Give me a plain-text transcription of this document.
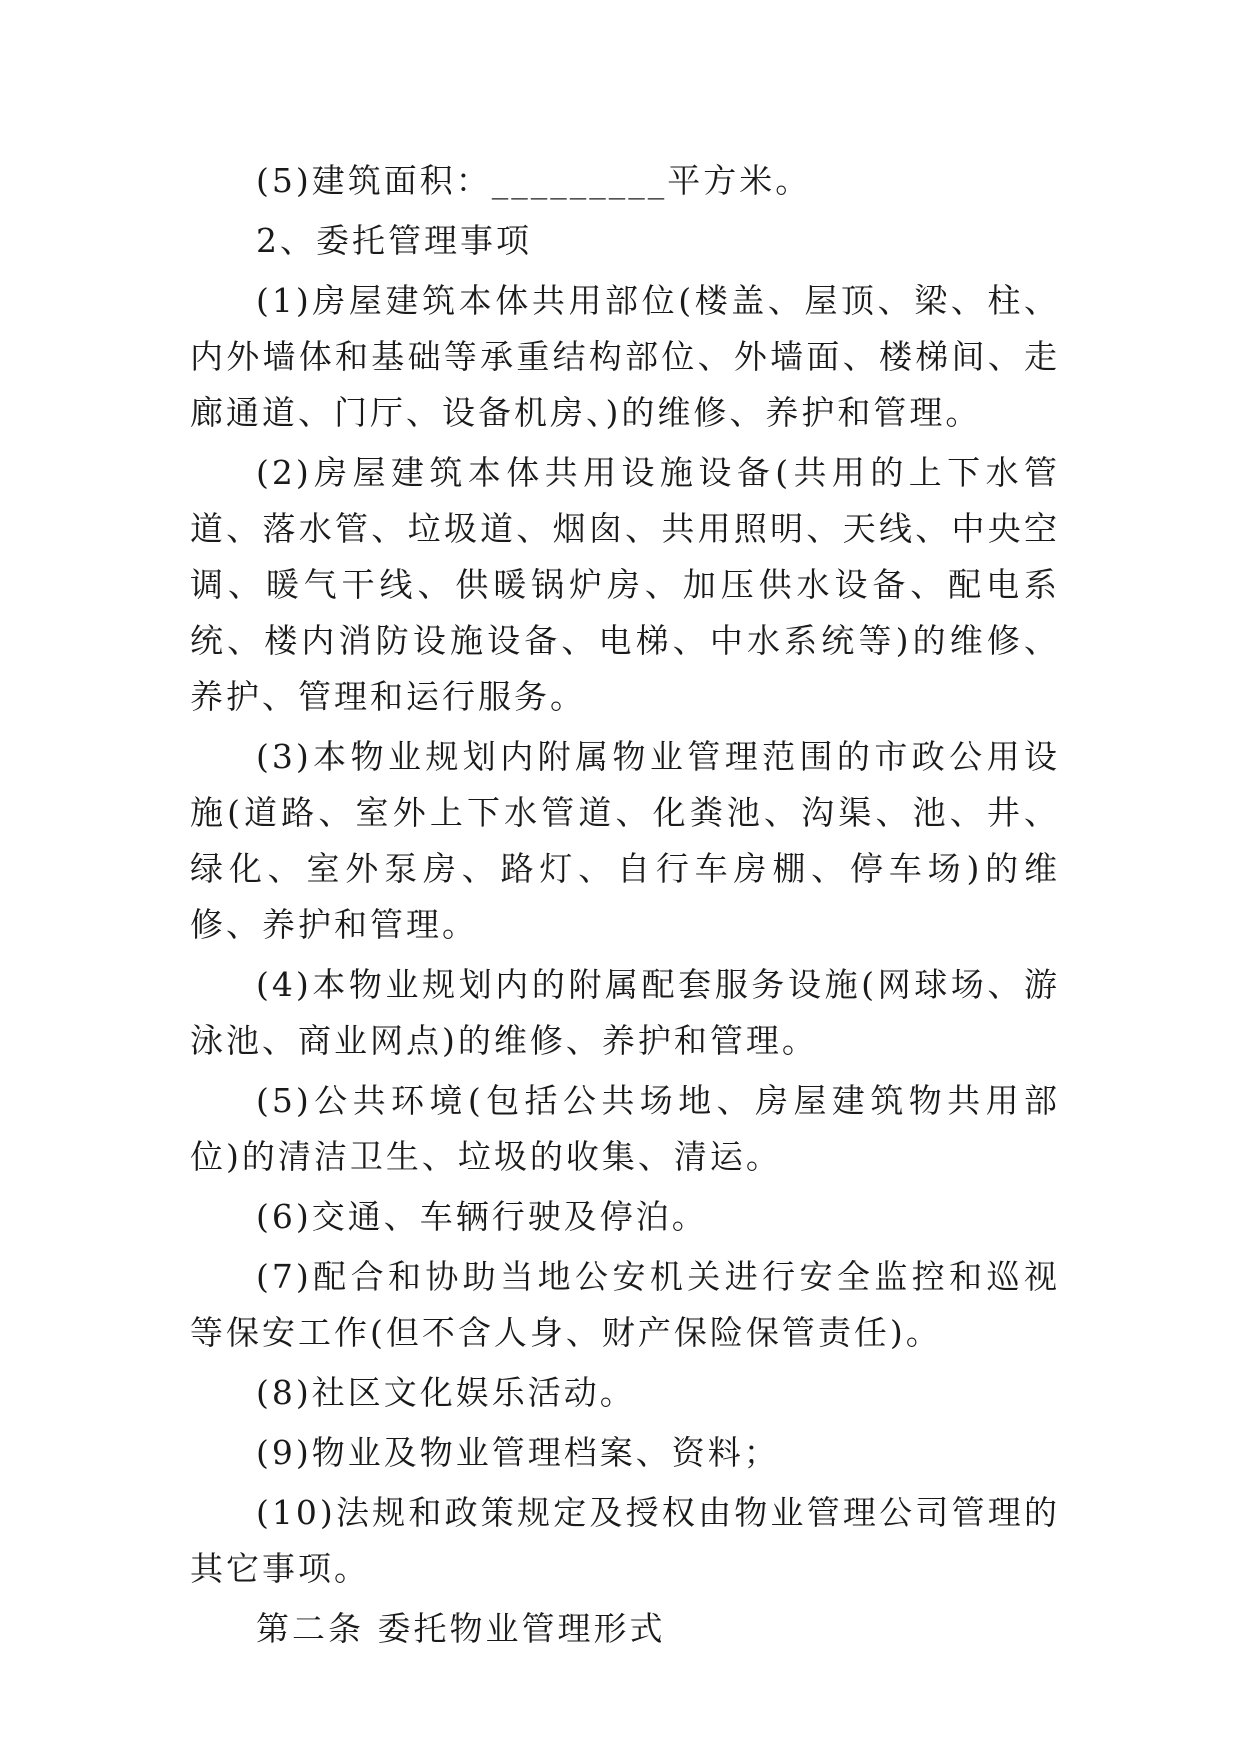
(5)建筑面积：_________平方米。

2、委托管理事项

(1)房屋建筑本体共用部位(楼盖、屋顶、梁、柱、内外墙体和基础等承重结构部位、外墙面、楼梯间、走廊通道、门厅、设备机房、)的维修、养护和管理。

(2)房屋建筑本体共用设施设备(共用的上下水管道、落水管、垃圾道、烟囱、共用照明、天线、中央空调、暖气干线、供暖锅炉房、加压供水设备、配电系统、楼内消防设施设备、电梯、中水系统等)的维修、养护、管理和运行服务。

(3)本物业规划内附属物业管理范围的市政公用设施(道路、室外上下水管道、化粪池、沟渠、池、井、绿化、室外泵房、路灯、自行车房棚、停车场)的维修、养护和管理。

(4)本物业规划内的附属配套服务设施(网球场、游泳池、商业网点)的维修、养护和管理。

(5)公共环境(包括公共场地、房屋建筑物共用部位)的清洁卫生、垃圾的收集、清运。

(6)交通、车辆行驶及停泊。

(7)配合和协助当地公安机关进行安全监控和巡视等保安工作(但不含人身、财产保险保管责任)。

(8)社区文化娱乐活动。

(9)物业及物业管理档案、资料；

(10)法规和政策规定及授权由物业管理公司管理的其它事项。

第二条 委托物业管理形式
